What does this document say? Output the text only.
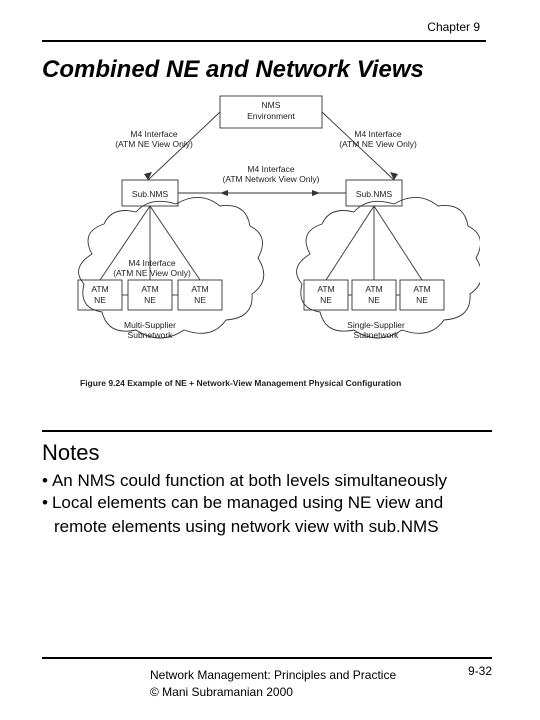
Chapter 9
Combined NE and Network Views
NMS
Environment
M4 Interface
(ATM NE View Only)
M4 Interface
(ATM NE View Only)
M4 Interface
(ATM Network View Only)
Sub.NMS	Sub.NMS
M4 Interface
(ATM NE View Only)
ATM
NE
ATM
NE
ATM
NE
ATM
NE
ATM
NE
ATM
NE
Multi-Supplier
Subnetwork
Single-Supplier
Subnetwork
Figure 9.24 Example of NE + Network-View Management Physical Configuration
Notes
• An NMS could function at both levels simultaneously
• Local elements can be managed using NE view and
remote elements using network view with sub.NMS
Network Management: Principles and Practice
© Mani Subramanian 2000
9-32
